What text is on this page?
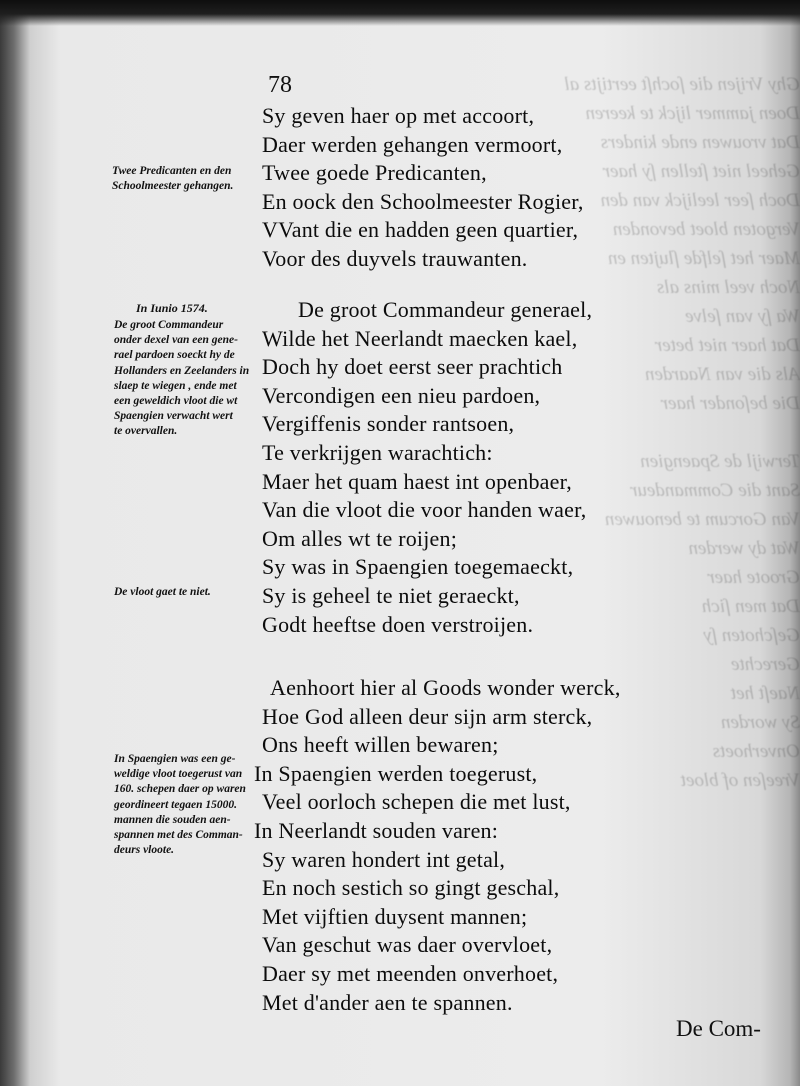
Ghy Vrijen die ſochſt eertijts al
Doen jammer lijck te keeren
Dat vrouwen ende kinders
Geheel niet ſtellen ſy haer
Doch ſeer leelijck van den
Vergoten bloet bevonden
Maer het ſelfde ſlujten en
Noch veel mins als
Wa ſy van ſelve
Dat haer niet beter
Als die van Naarden
Die beſonder haer

Terwijl de Spaengien
Sant die Commandeur
Van Gorcum te benouwen
Wat dy werden
Groote haer
Dat men ſich
Geſchoten ſy
Gerechte
Naeſt het
Sy worden
Onverhoets
Vreeſen of bloet
78
Sy geven haer op met accoort,
Daer werden gehangen vermoort,
Twee goede Predicanten,
En oock den Schoolmeester Rogier,
VVant die en hadden geen quartier,
Voor des duyvels trauwanten.
De groot Commandeur generael,
Wilde het Neerlandt maecken kael,
Doch hy doet eerst seer prachtich
Vercondigen een nieu pardoen,
Vergiffenis sonder rantsoen,
Te verkrijgen warachtich:
Maer het quam haest int openbaer,
Van die vloot die voor handen waer,
Om alles wt te roijen;
Sy was in Spaengien toegemaeckt,
Sy is geheel te niet geraeckt,
Godt heeftse doen verstroijen.
Aenhoort hier al Goods wonder werck,
Hoe God alleen deur sijn arm sterck,
Ons heeft willen bewaren;
In Spaengien werden toegerust,
Veel oorloch schepen die met lust,
In Neerlandt souden varen:
Sy waren hondert int getal,
En noch sestich so gingt geschal,
Met vijftien duysent mannen;
Van geschut was daer overvloet,
Daer sy met meenden onverhoet,
Met d'ander aen te spannen.
Twee Predicanten en den
Schoolmeester gehangen.
In Iunio 1574.
De groot Commandeur
onder dexel van een gene-
rael pardoen soeckt hy de
Hollanders en Zeelanders in
slaep te wiegen , ende met
een geweldich vloot die wt
Spaengien verwacht wert
te overvallen.
De vloot gaet te niet.
In Spaengien was een ge-
weldige vloot toegerust van
160. schepen daer op waren
geordineert tegaen 15000.
mannen die souden aen-
spannen met des Comman-
deurs vloote.
De Com-
